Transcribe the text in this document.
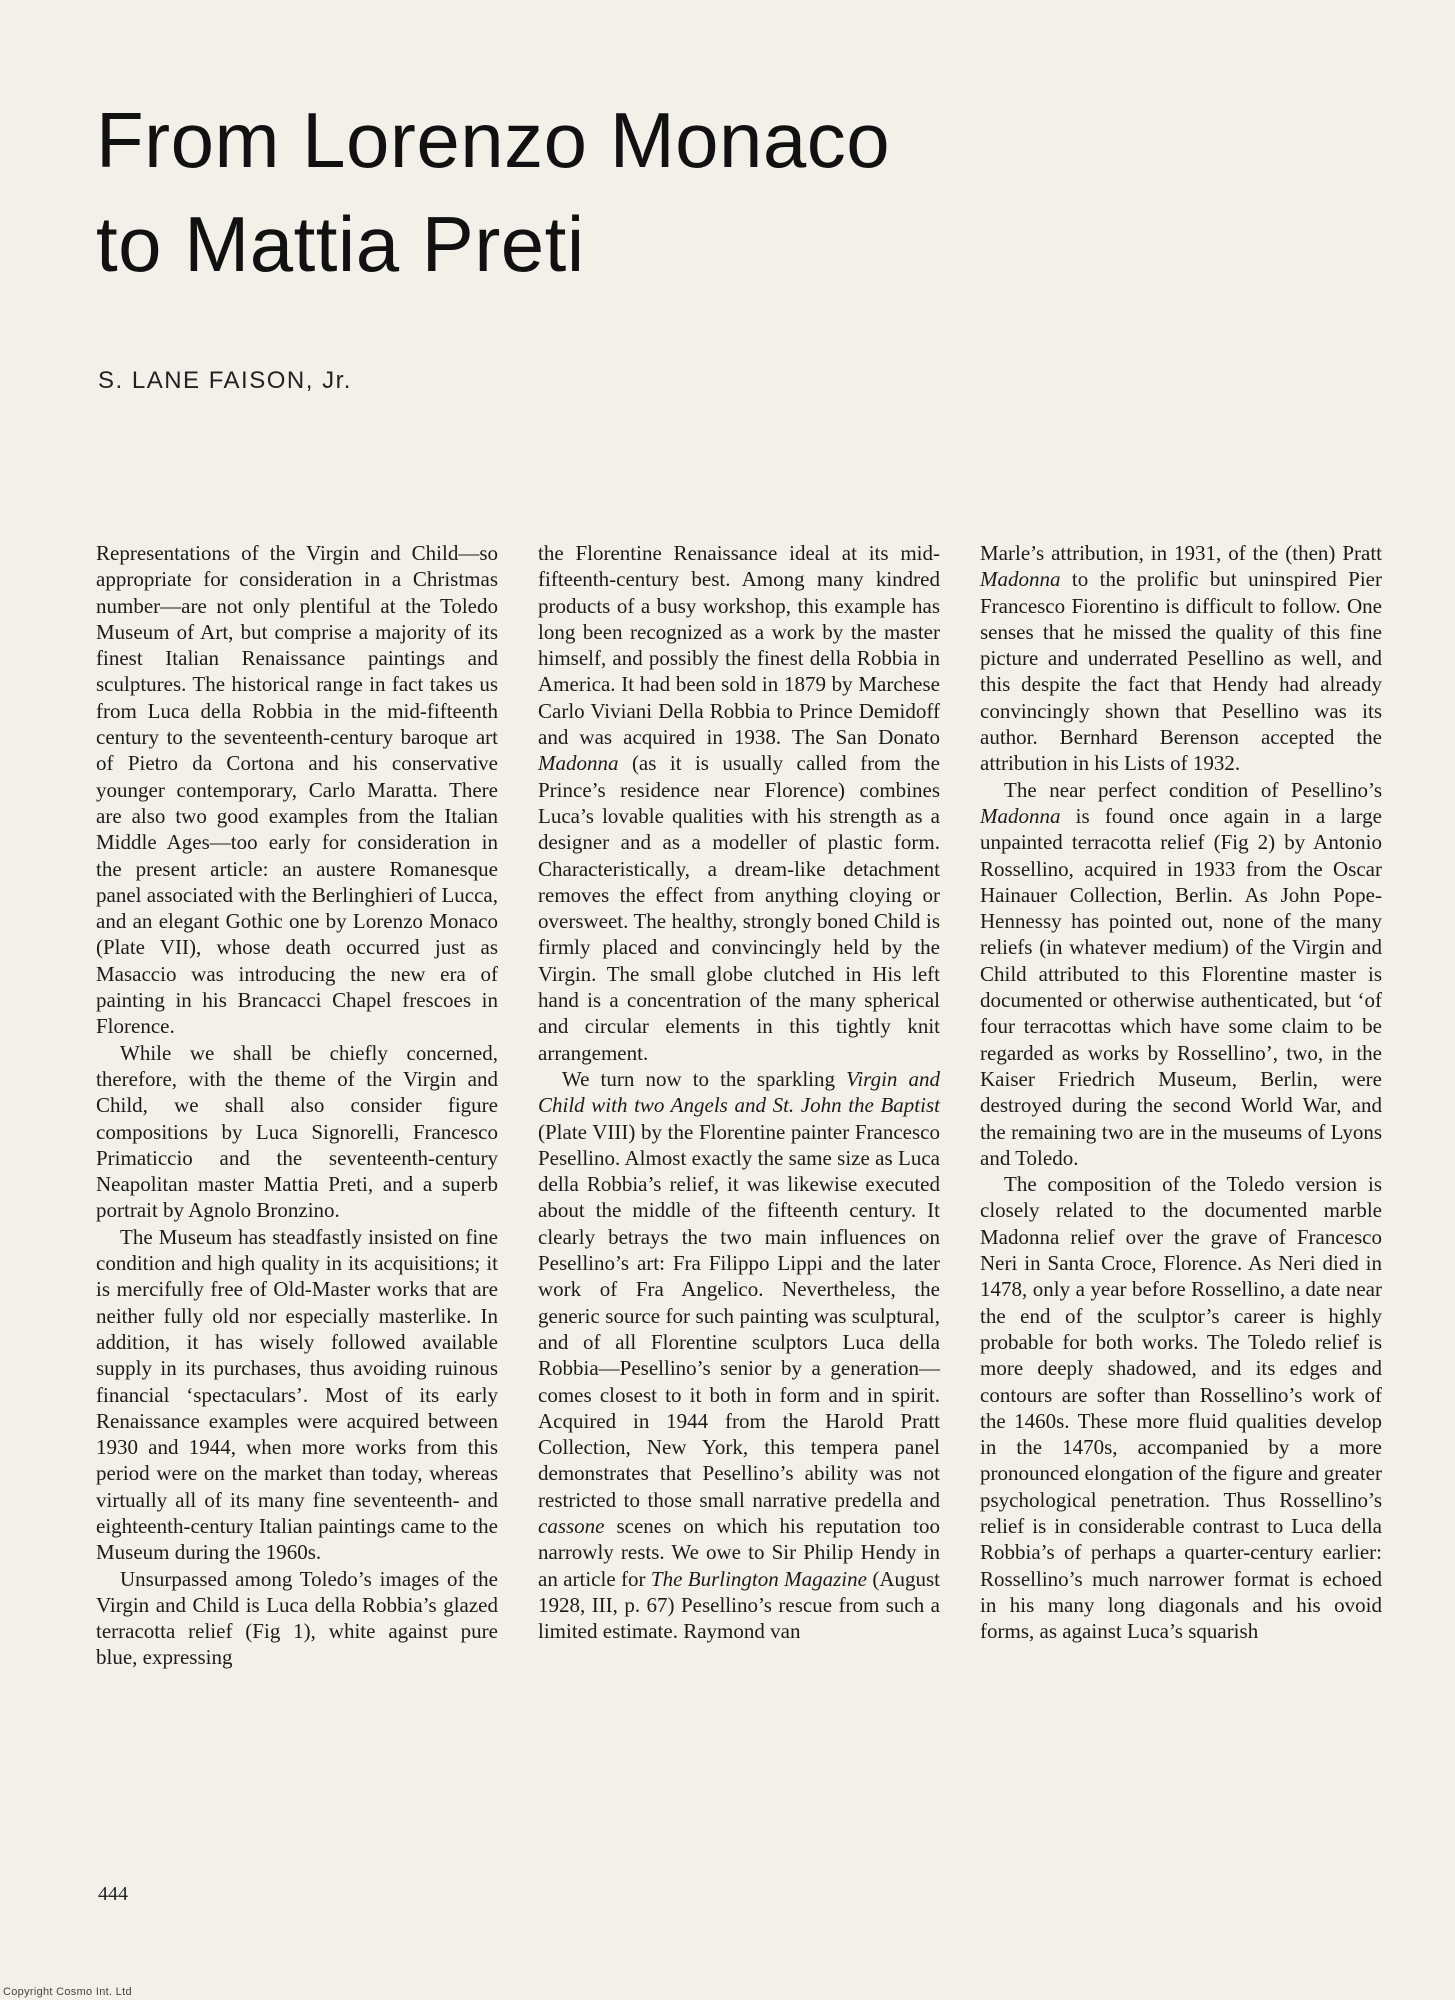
From Lorenzo Monaco
to Mattia Preti
S. LANE FAISON, Jr.

Representations of the Virgin and Child—so appropriate for consideration in a Christmas number—are not only plentiful at the Toledo Museum of Art, but comprise a majority of its finest Italian Renaissance paintings and sculptures. The historical range in fact takes us from Luca della Robbia in the mid-fifteenth century to the seventeenth-century baroque art of Pietro da Cortona and his conservative younger contemporary, Carlo Maratta. There are also two good examples from the Italian Middle Ages—too early for consideration in the present article: an austere Romanesque panel associated with the Berlinghieri of Lucca, and an elegant Gothic one by Lorenzo Monaco (Plate VII), whose death occurred just as Masaccio was introducing the new era of painting in his Brancacci Chapel frescoes in Florence.

While we shall be chiefly concerned, therefore, with the theme of the Virgin and Child, we shall also consider figure compositions by Luca Signorelli, Francesco Primaticcio and the seventeenth-century Neapolitan master Mattia Preti, and a superb portrait by Agnolo Bronzino.

The Museum has steadfastly insisted on fine condition and high quality in its acquisitions; it is mercifully free of Old-Master works that are neither fully old nor especially masterlike. In addition, it has wisely followed available supply in its purchases, thus avoiding ruinous financial ‘spectaculars’. Most of its early Renaissance examples were acquired between 1930 and 1944, when more works from this period were on the market than today, whereas virtually all of its many fine seventeenth- and eighteenth-century Italian paintings came to the Museum during the 1960s.

Unsurpassed among Toledo’s images of the Virgin and Child is Luca della Robbia’s glazed terracotta relief (Fig 1), white against pure blue, expressing

the Florentine Renaissance ideal at its mid-fifteenth-century best. Among many kindred products of a busy workshop, this example has long been recognized as a work by the master himself, and possibly the finest della Robbia in America. It had been sold in 1879 by Marchese Carlo Viviani Della Robbia to Prince Demidoff and was acquired in 1938. The San Donato Madonna (as it is usually called from the Prince’s residence near Florence) combines Luca’s lovable qualities with his strength as a designer and as a modeller of plastic form. Characteristically, a dream-like detachment removes the effect from anything cloying or oversweet. The healthy, strongly boned Child is firmly placed and convincingly held by the Virgin. The small globe clutched in His left hand is a concentration of the many spherical and circular elements in this tightly knit arrangement.

We turn now to the sparkling Virgin and Child with two Angels and St. John the Baptist (Plate VIII) by the Florentine painter Francesco Pesellino. Almost exactly the same size as Luca della Robbia’s relief, it was likewise executed about the middle of the fifteenth century. It clearly betrays the two main influences on Pesellino’s art: Fra Filippo Lippi and the later work of Fra Angelico. Nevertheless, the generic source for such painting was sculptural, and of all Florentine sculptors Luca della Robbia—Pesellino’s senior by a generation—comes closest to it both in form and in spirit. Acquired in 1944 from the Harold Pratt Collection, New York, this tempera panel demonstrates that Pesellino’s ability was not restricted to those small narrative predella and cassone scenes on which his reputation too narrowly rests. We owe to Sir Philip Hendy in an article for The Burlington Magazine (August 1928, III, p. 67) Pesellino’s rescue from such a limited estimate. Raymond van

Marle’s attribution, in 1931, of the (then) Pratt Madonna to the prolific but uninspired Pier Francesco Fiorentino is difficult to follow. One senses that he missed the quality of this fine picture and underrated Pesellino as well, and this despite the fact that Hendy had already convincingly shown that Pesellino was its author. Bernhard Berenson accepted the attribution in his Lists of 1932.

The near perfect condition of Pesellino’s Madonna is found once again in a large unpainted terracotta relief (Fig 2) by Antonio Rossellino, acquired in 1933 from the Oscar Hainauer Collection, Berlin. As John Pope-Hennessy has pointed out, none of the many reliefs (in whatever medium) of the Virgin and Child attributed to this Florentine master is documented or otherwise authenticated, but ‘of four terracottas which have some claim to be regarded as works by Rossellino’, two, in the Kaiser Friedrich Museum, Berlin, were destroyed during the second World War, and the remaining two are in the museums of Lyons and Toledo.

The composition of the Toledo version is closely related to the documented marble Madonna relief over the grave of Francesco Neri in Santa Croce, Florence. As Neri died in 1478, only a year before Rossellino, a date near the end of the sculptor’s career is highly probable for both works. The Toledo relief is more deeply shadowed, and its edges and contours are softer than Rossellino’s work of the 1460s. These more fluid qualities develop in the 1470s, accompanied by a more pronounced elongation of the figure and greater psychological penetration. Thus Rossellino’s relief is in considerable contrast to Luca della Robbia’s of perhaps a quarter-century earlier: Rossellino’s much narrower format is echoed in his many long diagonals and his ovoid forms, as against Luca’s squarish

444
Copyright Cosmo Int. Ltd
